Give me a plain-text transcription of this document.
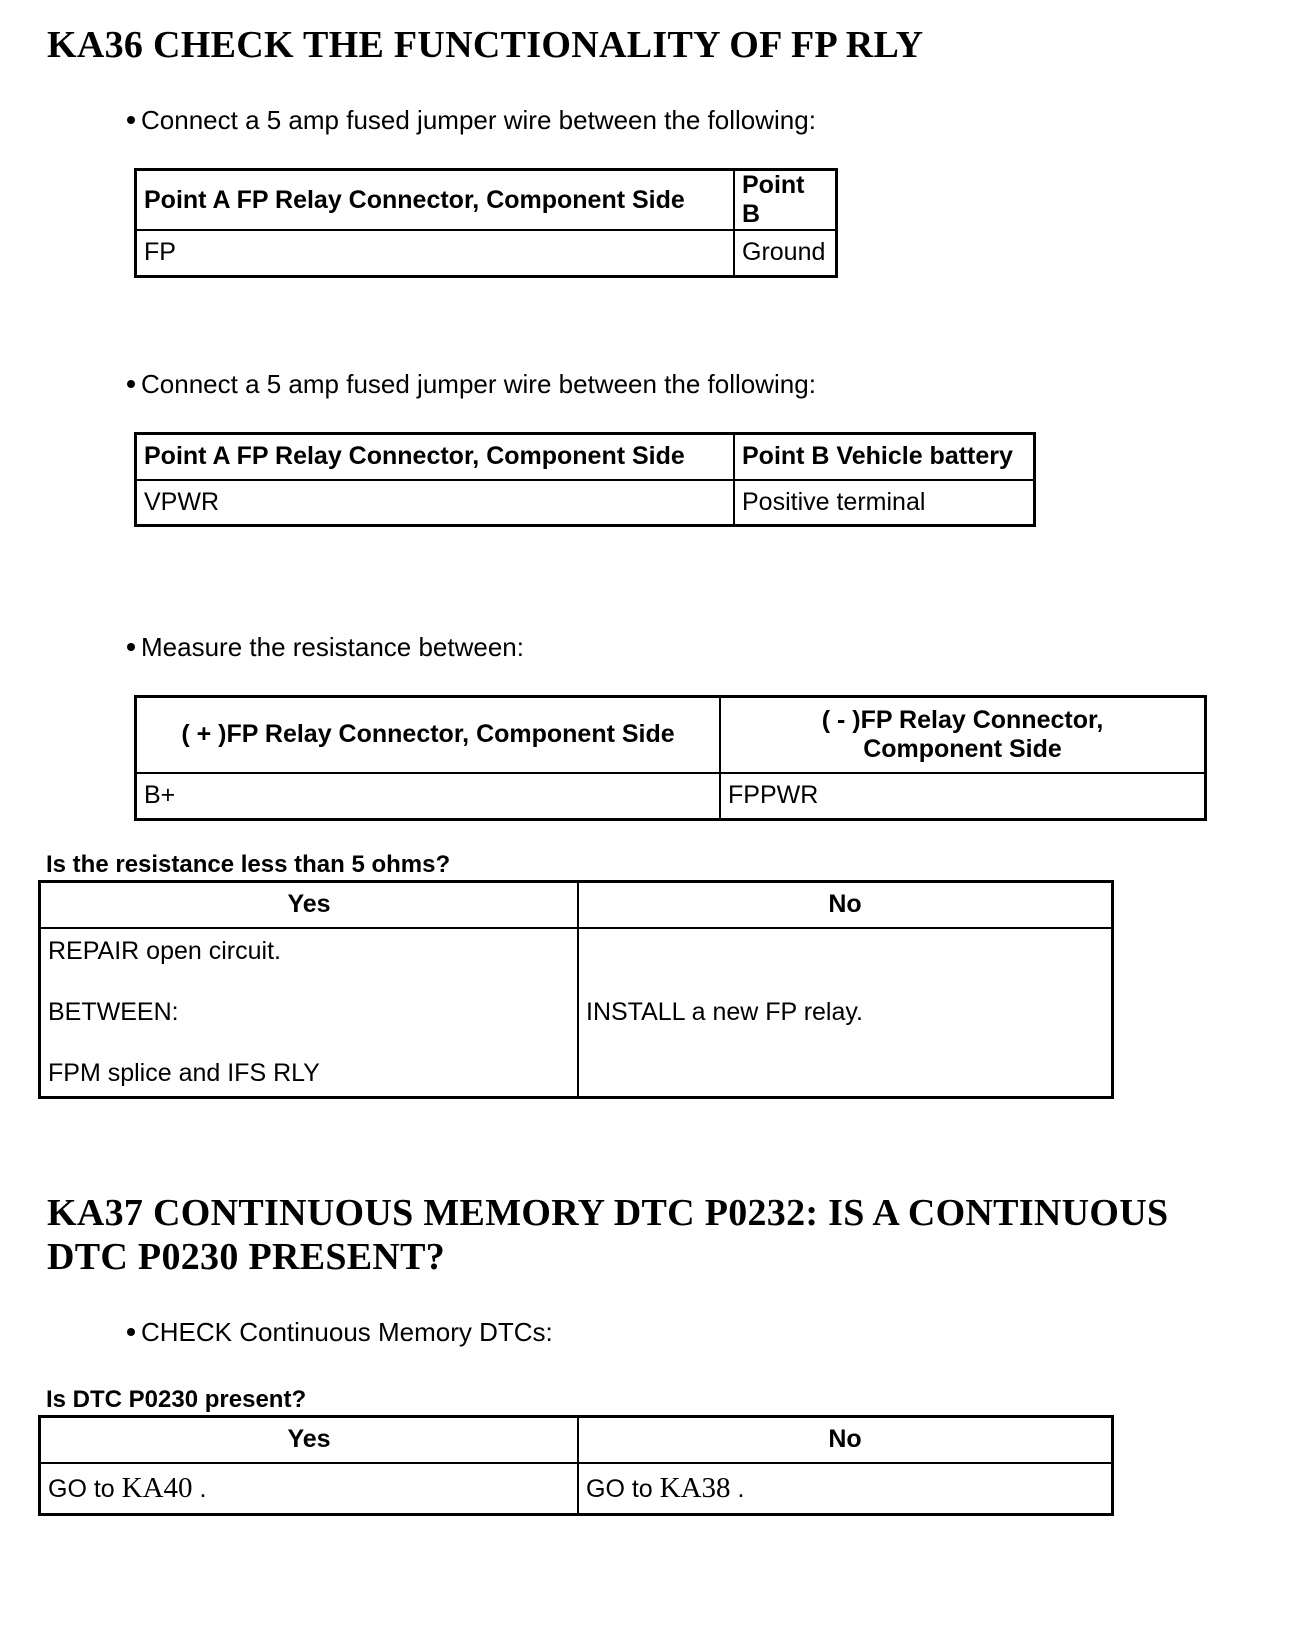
KA36 CHECK THE FUNCTIONALITY OF FP RLY
Connect a 5 amp fused jumper wire between the following:
Point A FP Relay Connector, Component Side	Point B
FP	Ground
Connect a 5 amp fused jumper wire between the following:
Point A FP Relay Connector, Component Side	Point B Vehicle battery
VPWR	Positive terminal
Measure the resistance between:
( + )FP Relay Connector, Component Side	( - )FP Relay Connector, Component Side
B+	FPPWR
Is the resistance less than 5 ohms?
Yes	No

REPAIR open circuit.
BETWEEN:
FPM splice and IFS RLY	INSTALL a new FP relay.
KA37 CONTINUOUS MEMORY DTC P0232: IS A CONTINUOUS
DTC P0230 PRESENT?
CHECK Continuous Memory DTCs:
Is DTC P0230 present?
Yes	No
GO to KA40 .	GO to KA38 .
